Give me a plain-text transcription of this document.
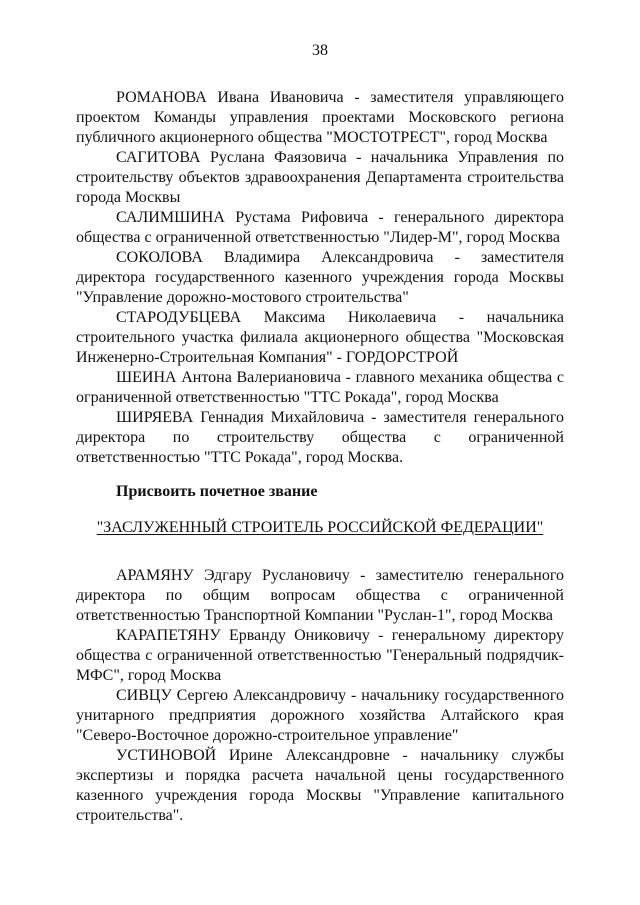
38

РОМАНОВА Ивана Ивановича - заместителя управляющего проектом Команды управления проектами Московского региона публичного акционерного общества "МОСТОТРЕСТ", город Москва

САГИТОВА Руслана Фаязовича - начальника Управления по строительству объектов здравоохранения Департамента строительства города Москвы

САЛИМШИНА Рустама Рифовича - генерального директора общества с ограниченной ответственностью "Лидер-М", город Москва

СОКОЛОВА Владимира Александровича - заместителя директора государственного казенного учреждения города Москвы "Управление дорожно-мостового строительства"

СТАРОДУБЦЕВА Максима Николаевича - начальника строительного участка филиала акционерного общества "Московская Инженерно-Строительная Компания" - ГОРДОРСТРОЙ

ШЕИНА Антона Валериановича - главного механика общества с ограниченной ответственностью "ТТС Рокада", город Москва

ШИРЯЕВА Геннадия Михайловича - заместителя генерального директора по строительству общества с ограниченной ответственностью "ТТС Рокада", город Москва.

Присвоить почетное звание
"ЗАСЛУЖЕННЫЙ СТРОИТЕЛЬ РОССИЙСКОЙ ФЕДЕРАЦИИ"

АРАМЯНУ Эдгару Руслановичу - заместителю генерального директора по общим вопросам общества с ограниченной ответственностью Транспортной Компании "Руслан-1", город Москва

КАРАПЕТЯНУ Ерванду Ониковичу - генеральному директору общества с ограниченной ответственностью "Генеральный подрядчик-МФС", город Москва

СИВЦУ Сергею Александровичу - начальнику государственного унитарного предприятия дорожного хозяйства Алтайского края "Северо-Восточное дорожно-строительное управление"

УСТИНОВОЙ Ирине Александровне - начальнику службы экспертизы и порядка расчета начальной цены государственного казенного учреждения города Москвы "Управление капитального строительства".
